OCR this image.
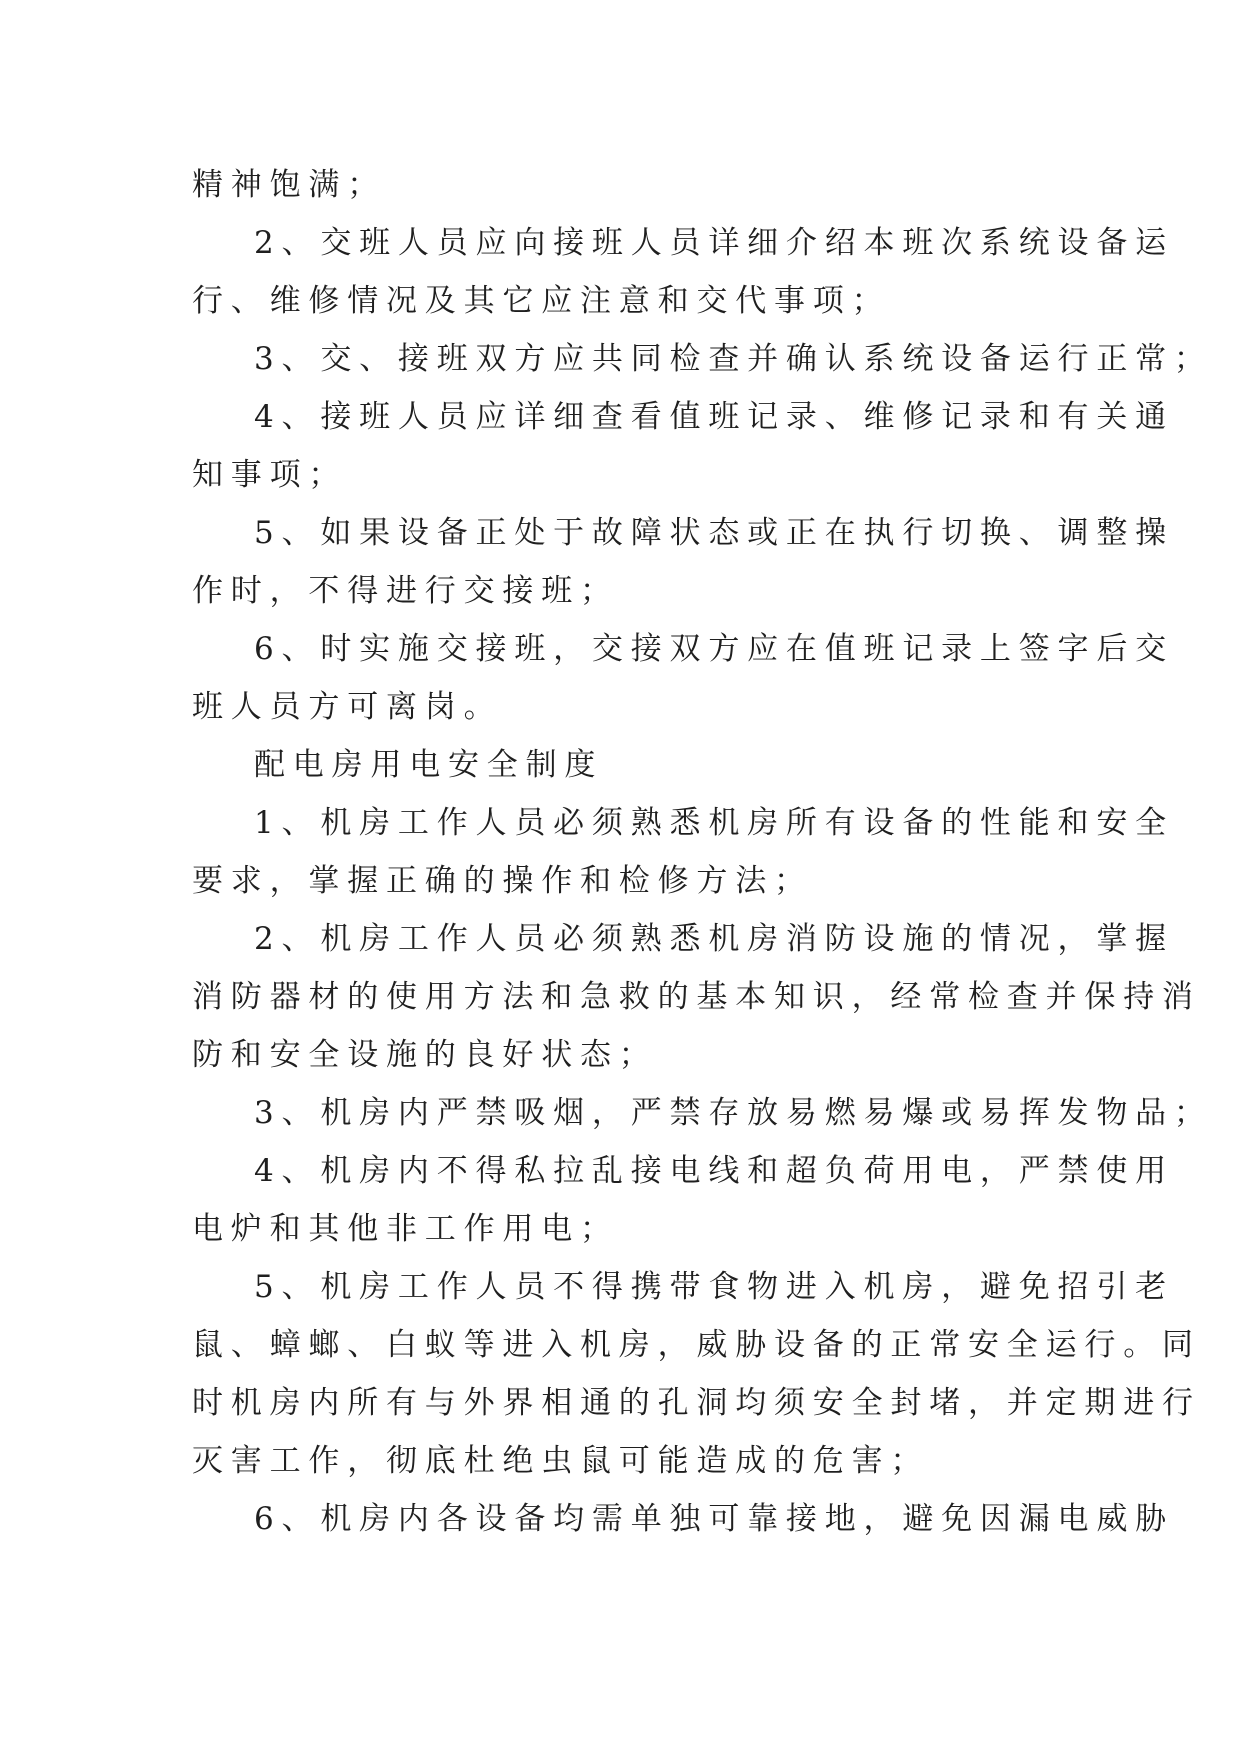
精神饱满；
2、交班人员应向接班人员详细介绍本班次系统设备运
行、维修情况及其它应注意和交代事项；
3、交、接班双方应共同检查并确认系统设备运行正常；
4、接班人员应详细查看值班记录、维修记录和有关通
知事项；
5、如果设备正处于故障状态或正在执行切换、调整操
作时，不得进行交接班；
6、时实施交接班，交接双方应在值班记录上签字后交
班人员方可离岗。
配电房用电安全制度
1、机房工作人员必须熟悉机房所有设备的性能和安全
要求，掌握正确的操作和检修方法；
2、机房工作人员必须熟悉机房消防设施的情况，掌握
消防器材的使用方法和急救的基本知识，经常检查并保持消
防和安全设施的良好状态；
3、机房内严禁吸烟，严禁存放易燃易爆或易挥发物品；
4、机房内不得私拉乱接电线和超负荷用电，严禁使用
电炉和其他非工作用电；
5、机房工作人员不得携带食物进入机房，避免招引老
鼠、蟑螂、白蚁等进入机房，威胁设备的正常安全运行。同
时机房内所有与外界相通的孔洞均须安全封堵，并定期进行
灭害工作，彻底杜绝虫鼠可能造成的危害；
6、机房内各设备均需单独可靠接地，避免因漏电威胁
